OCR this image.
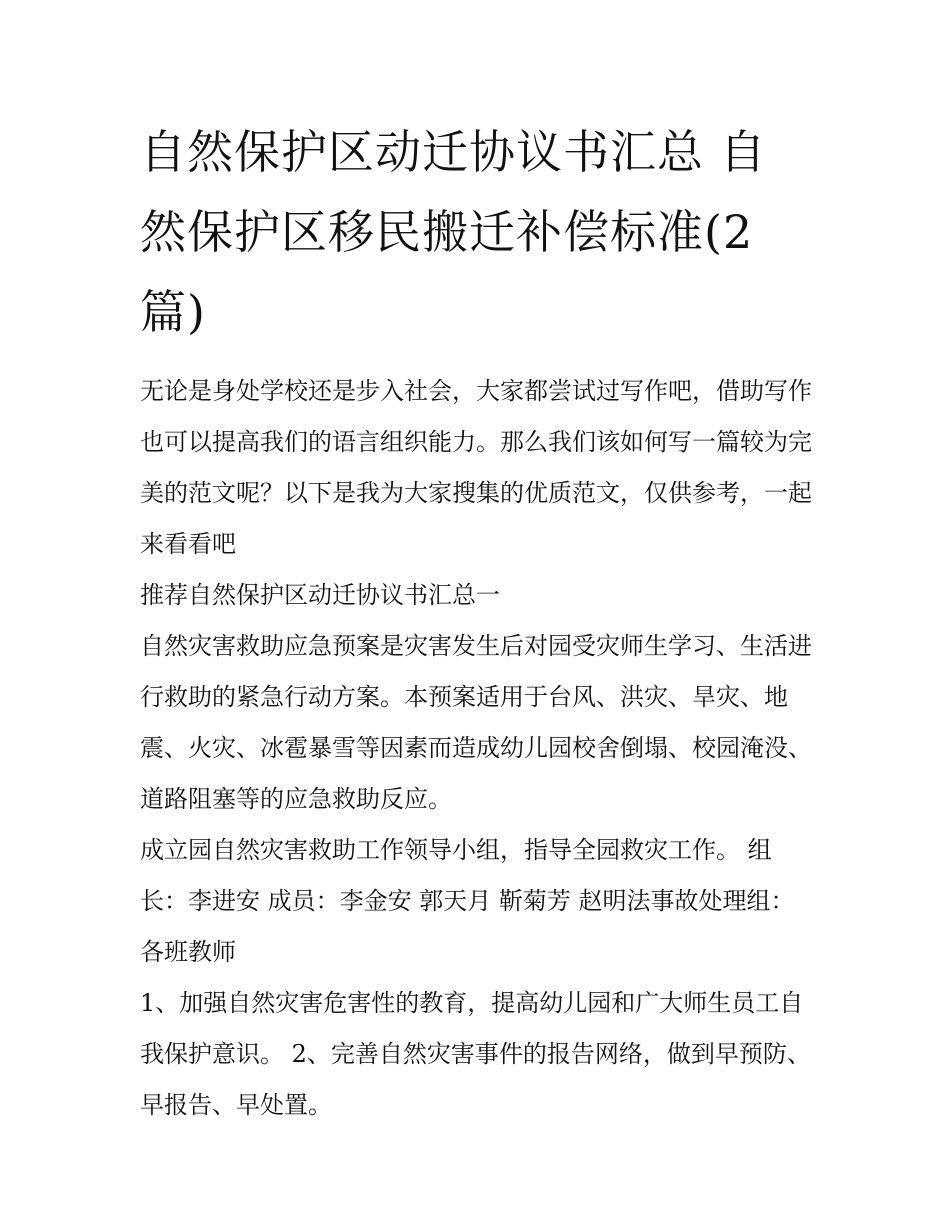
自然保护区动迁协议书汇总 自然保护区移民搬迁补偿标准(2篇)

无论是身处学校还是步入社会，大家都尝试过写作吧，借助写作也可以提高我们的语言组织能力。那么我们该如何写一篇较为完美的范文呢？以下是我为大家搜集的优质范文，仅供参考，一起来看看吧

推荐自然保护区动迁协议书汇总一

自然灾害救助应急预案是灾害发生后对园受灾师生学习、生活进行救助的紧急行动方案。本预案适用于台风、洪灾、旱灾、地震、火灾、冰雹暴雪等因素而造成幼儿园校舍倒塌、校园淹没、道路阻塞等的应急救助反应。

成立园自然灾害救助工作领导小组，指导全园救灾工作。 组长：李进安 成员：李金安 郭天月 靳菊芳 赵明法事故处理组：各班教师

1、加强自然灾害危害性的教育，提高幼儿园和广大师生员工自我保护意识。 2、完善自然灾害事件的报告网络，做到早预防、早报告、早处置。
